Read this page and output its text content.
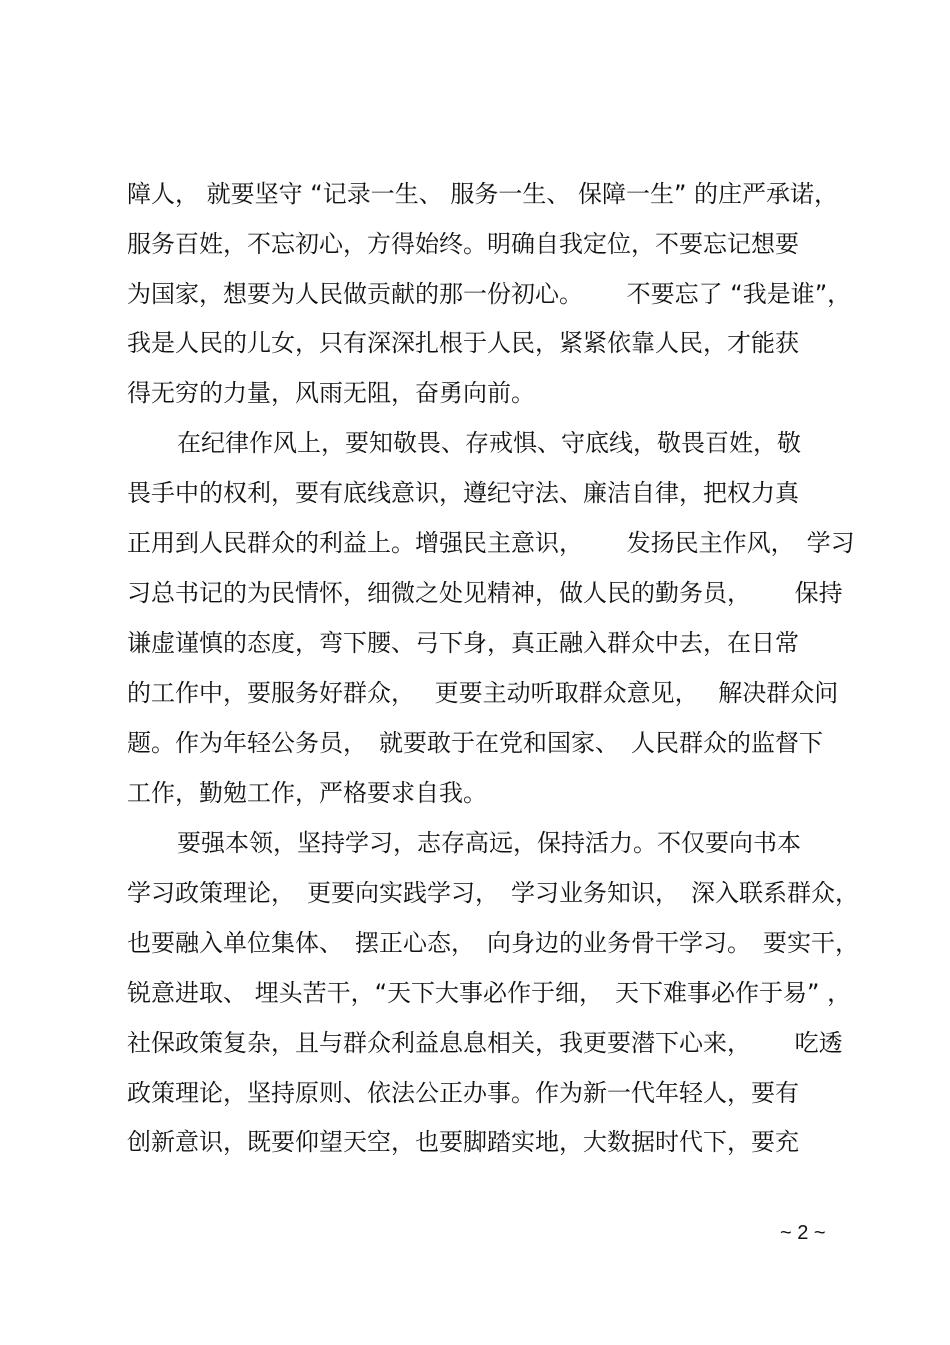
障人， 就要坚守 “记录一生、 服务一生、 保障一生” 的庄严承诺，
服务百姓，不忘初心，方得始终。明确自我定位，不要忘记想要
为国家，想要为人民做贡献的那一份初心。　　 不要忘了 “我是谁”，
我是人民的儿女，只有深深扎根于人民，紧紧依靠人民，才能获
得无穷的力量，风雨无阻，奋勇向前。
在纪律作风上，要知敬畏、存戒惧、守底线，敬畏百姓，敬
畏手中的权利，要有底线意识，遵纪守法、廉洁自律，把权力真
正用到人民群众的利益上。增强民主意识，　　 发扬民主作风，　学习
习总书记的为民情怀，细微之处见精神，做人民的勤务员，　　 保持
谦虚谨慎的态度，弯下腰、弓下身，真正融入群众中去，在日常
的工作中，要服务好群众，　 更要主动听取群众意见，　 解决群众问
题。作为年轻公务员，　就要敢于在党和国家、　人民群众的监督下
工作，勤勉工作，严格要求自我。
要强本领，坚持学习，志存高远，保持活力。不仅要向书本
学习政策理论，　更要向实践学习，　学习业务知识，　深入联系群众，
也要融入单位集体、　摆正心态，　向身边的业务骨干学习。　要实干，
锐意进取、 埋头苦干，“天下大事必作于细，　天下难事必作于易” ，
社保政策复杂，且与群众利益息息相关，我更要潜下心来，　　 吃透
政策理论，坚持原则、依法公正办事。作为新一代年轻人，要有
创新意识，既要仰望天空，也要脚踏实地，大数据时代下，要充
~ 2 ~
